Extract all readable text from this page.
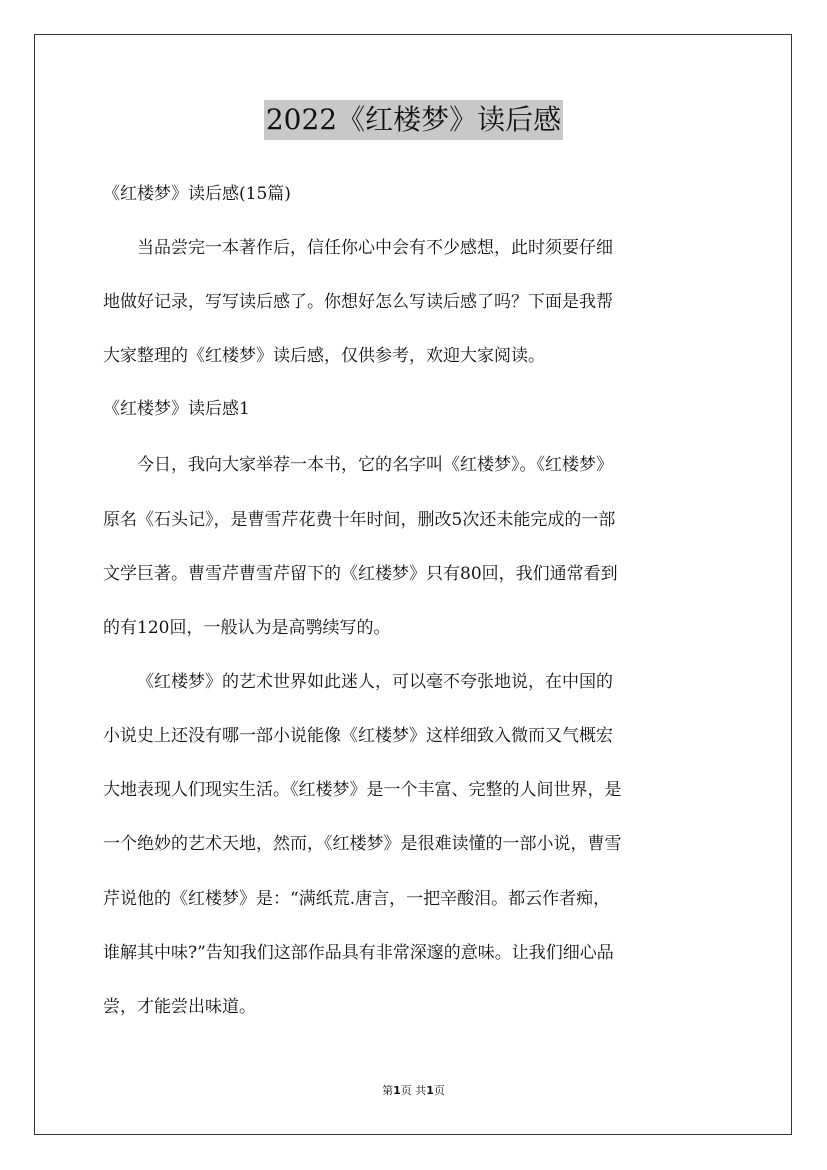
2022《红楼梦》读后感
《红楼梦》读后感(15篇)
当品尝完一本著作后，信任你心中会有不少感想，此时须要仔细
地做好记录，写写读后感了。你想好怎么写读后感了吗？下面是我帮
大家整理的《红楼梦》读后感，仅供参考，欢迎大家阅读。
《红楼梦》读后感1
今日，我向大家举荐一本书，它的名字叫《红楼梦》。《红楼梦》
原名《石头记》，是曹雪芹花费十年时间，删改5次还未能完成的一部
文学巨著。曹雪芹曹雪芹留下的《红楼梦》只有80回，我们通常看到
的有120回，一般认为是高鹗续写的。
《红楼梦》的艺术世界如此迷人，可以毫不夸张地说，在中国的
小说史上还没有哪一部小说能像《红楼梦》这样细致入微而又气概宏
大地表现人们现实生活。《红楼梦》是一个丰富、完整的人间世界，是
一个绝妙的艺术天地，然而，《红楼梦》是很难读懂的一部小说，曹雪
芹说他的《红楼梦》是：“满纸荒.唐言，一把辛酸泪。都云作者痴，
谁解其中味?”告知我们这部作品具有非常深邃的意味。让我们细心品
尝，才能尝出味道。
第1页 共1页
